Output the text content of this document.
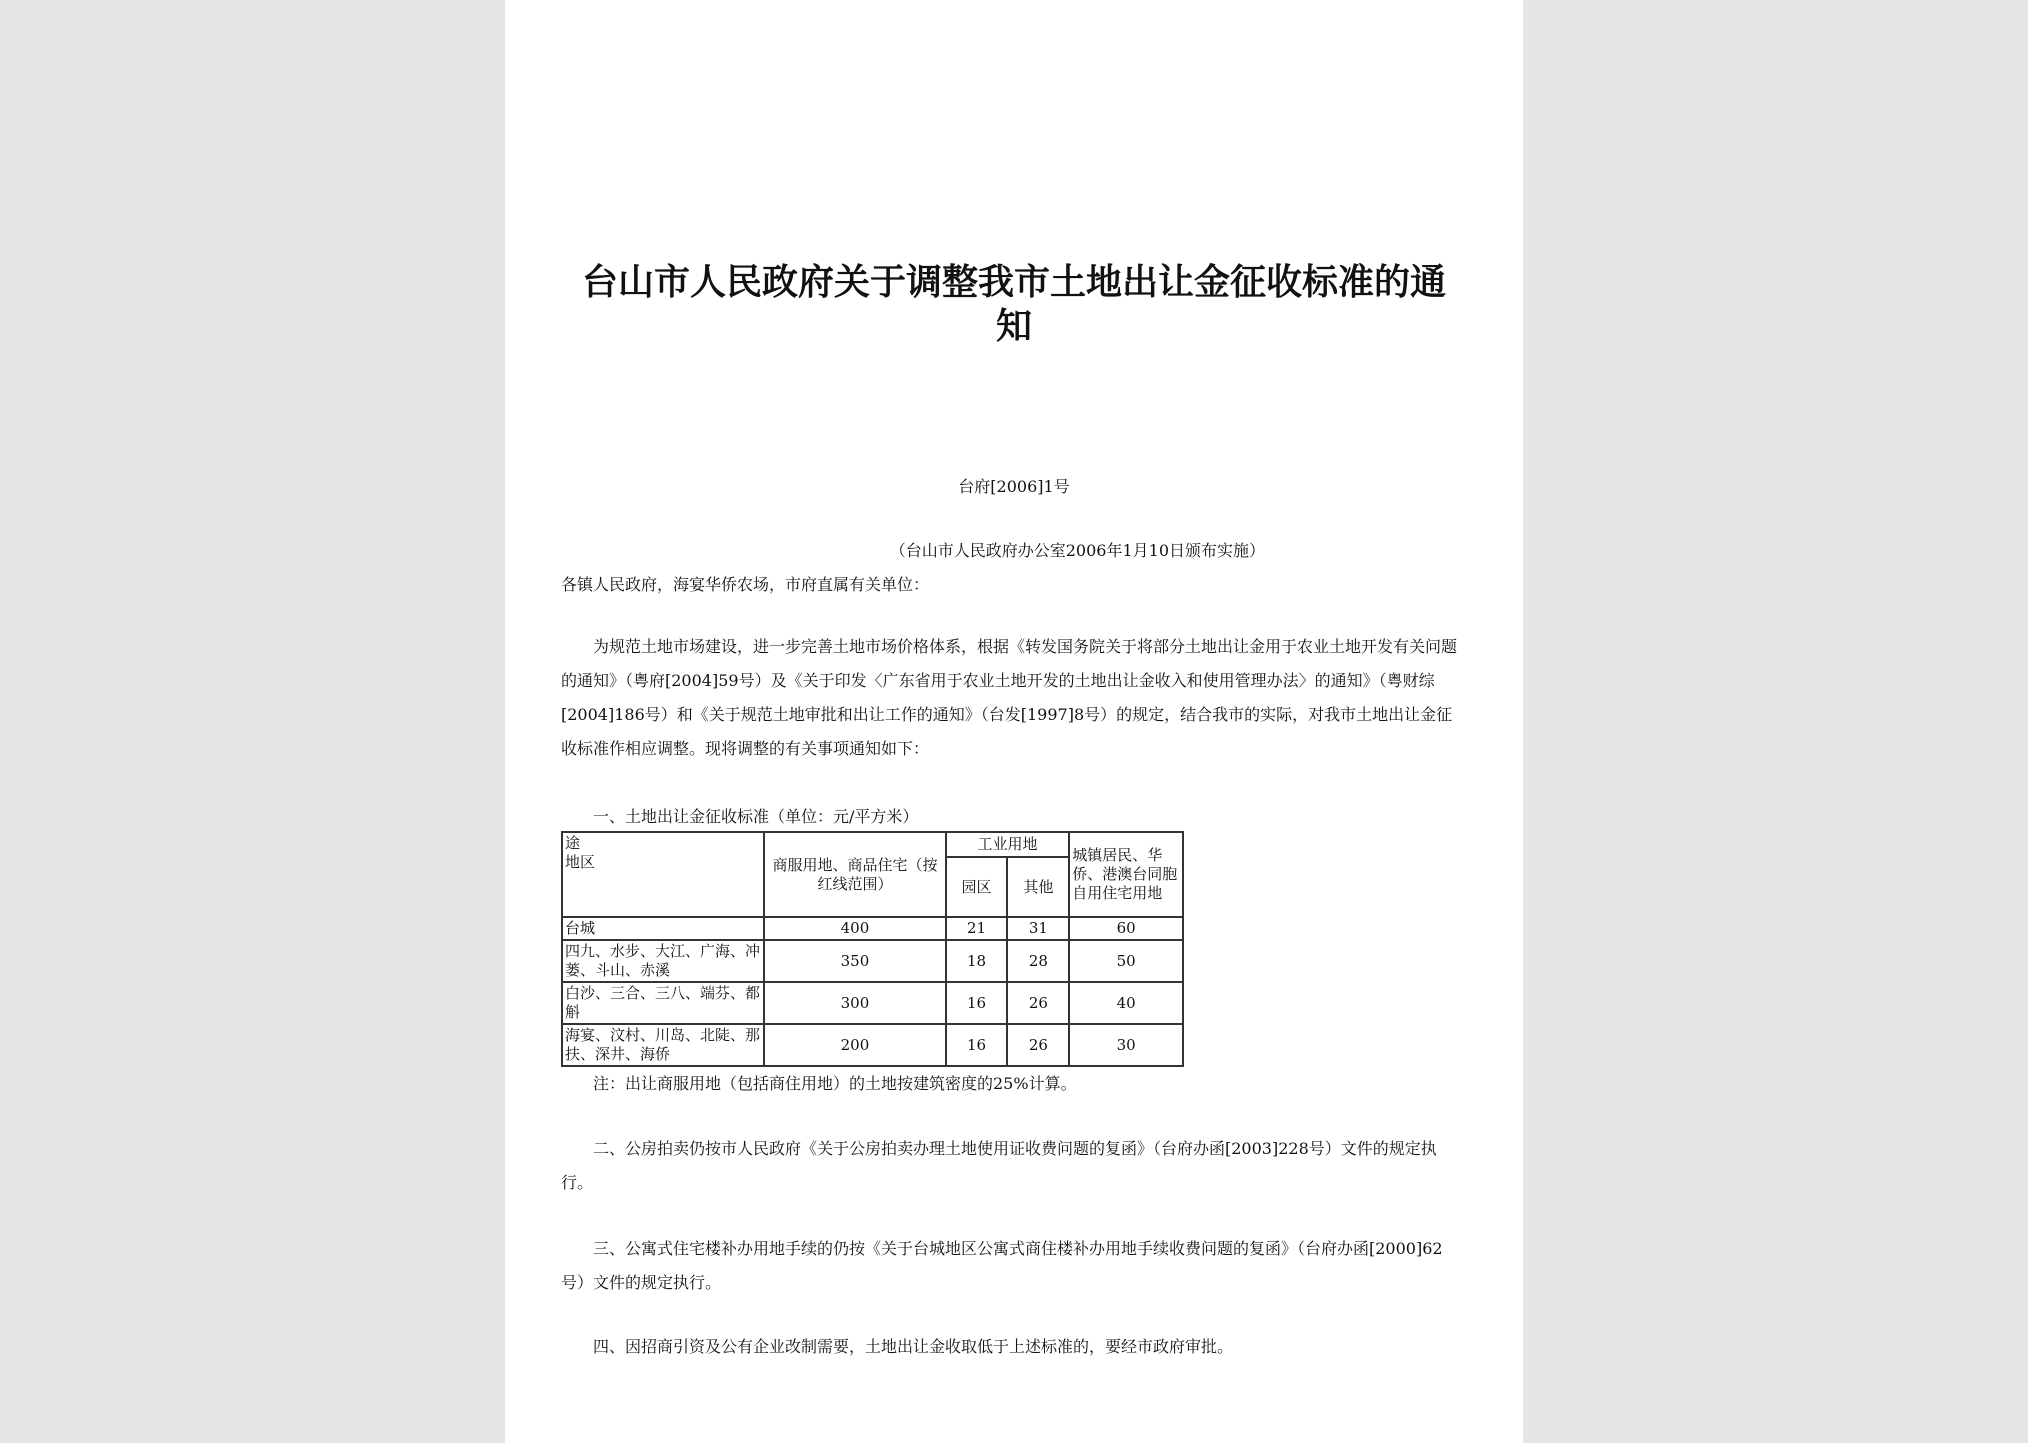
台山市人民政府关于调整我市土地出让金征收标准的通知
台府[2006]1号
（台山市人民政府办公室2006年1月10日颁布实施）
各镇人民政府，海宴华侨农场，市府直属有关单位：
为规范土地市场建设，进一步完善土地市场价格体系，根据《转发国务院关于将部分土地出让金用于农业土地开发有关问题的通知》（粤府[2004]59号）及《关于印发〈广东省用于农业土地开发的土地出让金收入和使用管理办法〉的通知》（粤财综[2004]186号）和《关于规范土地审批和出让工作的通知》（台发[1997]8号）的规定，结合我市的实际，对我市土地出让金征收标准作相应调整。现将调整的有关事项通知如下：
一、土地出让金征收标准（单位：元/平方米）
途
地区	商服用地、商品住宅（按红线范围）	工业用地		城镇居民、华侨、港澳台同胞自用住宅用地
		园区	其他	
台城	400	21	31	60
四九、水步、大江、广海、冲蒌、斗山、赤溪	350	18	28	50
白沙、三合、三八、端芬、都斛	300	16	26	40
海宴、汶村、川岛、北陡、那扶、深井、海侨	200	16	26	30
注：出让商服用地（包括商住用地）的土地按建筑密度的25%计算。
二、公房拍卖仍按市人民政府《关于公房拍卖办理土地使用证收费问题的复函》（台府办函[2003]228号）文件的规定执行。
三、公寓式住宅楼补办用地手续的仍按《关于台城地区公寓式商住楼补办用地手续收费问题的复函》（台府办函[2000]62号）文件的规定执行。
四、因招商引资及公有企业改制需要，土地出让金收取低于上述标准的，要经市政府审批。
